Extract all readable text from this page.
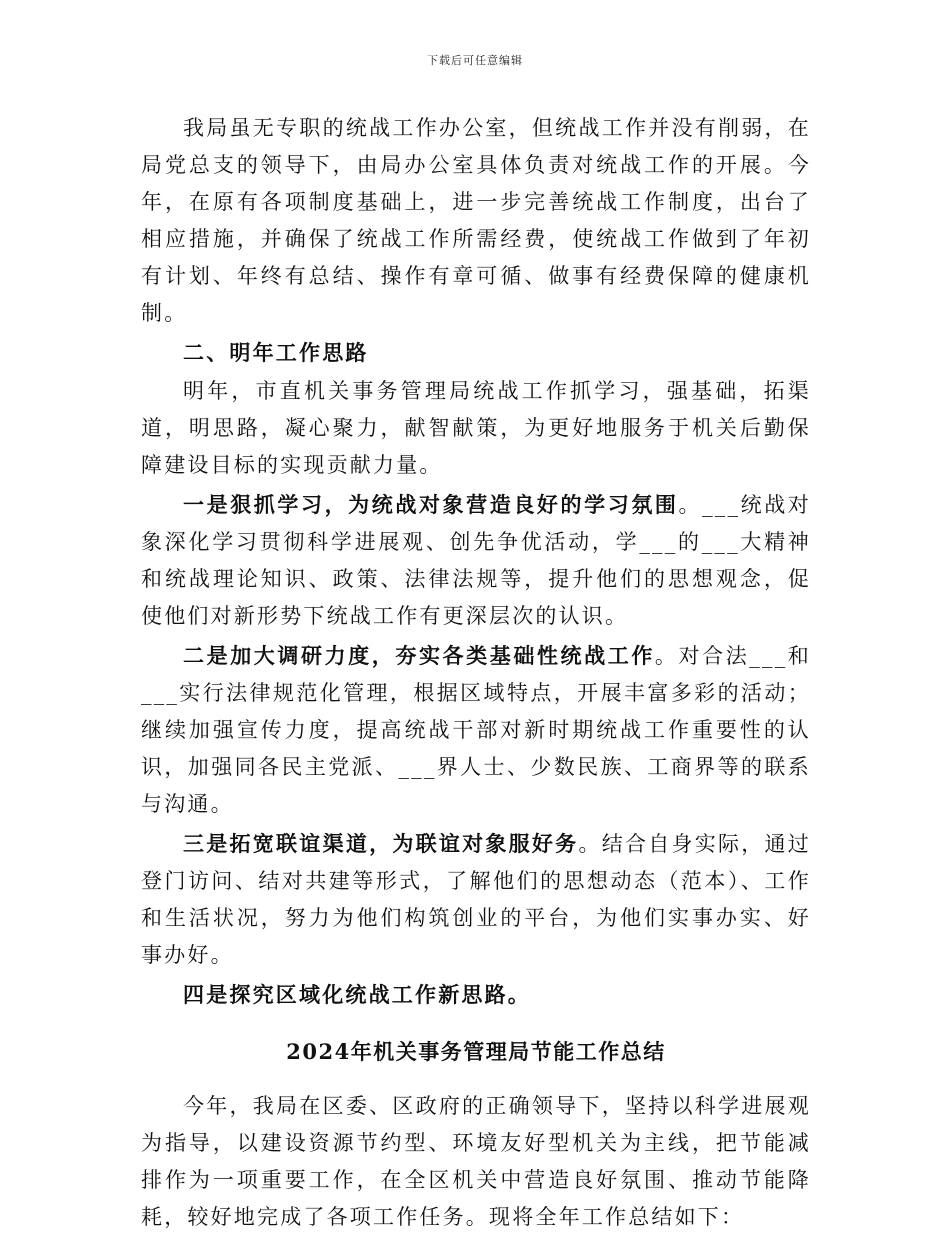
下载后可任意编辑

我局虽无专职的统战工作办公室，但统战工作并没有削弱，在局党总支的领导下，由局办公室具体负责对统战工作的开展。今年，在原有各项制度基础上，进一步完善统战工作制度，出台了相应措施，并确保了统战工作所需经费，使统战工作做到了年初有计划、年终有总结、操作有章可循、做事有经费保障的健康机制。

二、明年工作思路

明年，市直机关事务管理局统战工作抓学习，强基础，拓渠道，明思路，凝心聚力，献智献策，为更好地服务于机关后勤保障建设目标的实现贡献力量。

一是狠抓学习，为统战对象营造良好的学习氛围。___统战对象深化学习贯彻科学进展观、创先争优活动，学___的___大精神和统战理论知识、政策、法律法规等，提升他们的思想观念，促使他们对新形势下统战工作有更深层次的认识。

二是加大调研力度，夯实各类基础性统战工作。对合法___和___实行法律规范化管理，根据区域特点，开展丰富多彩的活动；继续加强宣传力度，提高统战干部对新时期统战工作重要性的认识，加强同各民主党派、___界人士、少数民族、工商界等的联系与沟通。

三是拓宽联谊渠道，为联谊对象服好务。结合自身实际，通过登门访问、结对共建等形式，了解他们的思想动态（范本）、工作和生活状况，努力为他们构筑创业的平台，为他们实事办实、好事办好。

四是探究区域化统战工作新思路。

2024年机关事务管理局节能工作总结

今年，我局在区委、区政府的正确领导下，坚持以科学进展观为指导，以建设资源节约型、环境友好型机关为主线，把节能减排作为一项重要工作，在全区机关中营造良好氛围、推动节能降耗，较好地完成了各项工作任务。现将全年工作总结如下：
